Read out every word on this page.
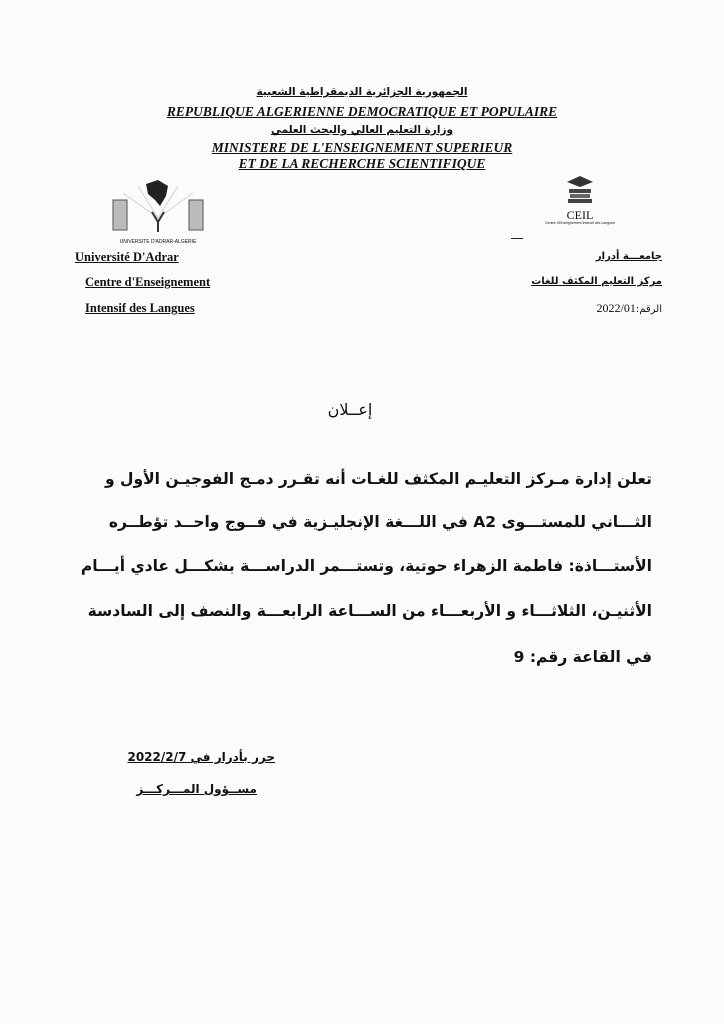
الجمهورية الجزائرية الديمقراطية الشعبية
REPUBLIQUE ALGERIENNE DEMOCRATIQUE ET POPULAIRE
وزارة التعليم العالي والبحث العلمي
MINISTERE DE L'ENSEIGNEMENT SUPERIEUR
ET DE LA RECHERCHE SCIENTIFIQUE
UNIVERSITE D'ADRAR-ALGERIE
CEIL
Centre d'Enseignement Intensif des Langues
Université D'Adrar
Centre d'Enseignement
Intensif des Langues
جامعـــة أدرار
مركز التعليم المكثف للغات
الرقم:2022/01
إعــلان
تعلن إدارة مـركز التعليـم المكثف للغـات أنه تقـرر دمـج الفوجيـن الأول و
الثـــاني للمستـــوى A2 في اللـــغة الإنجليـزية في فــوج واحــد تؤطــره
الأستـــاذة: فاطمة الزهراء حوتية، وتستـــمر الدراســـة بشكـــل عادي أيـــام
الأثنيـن، الثلاثـــاء و الأربعـــاء من الســـاعة الرابعـــة والنصف إلى السادسة
في القاعة رقم: 9
حرر بأدرار في 2022/2/7
مســؤول المـــركـــز
